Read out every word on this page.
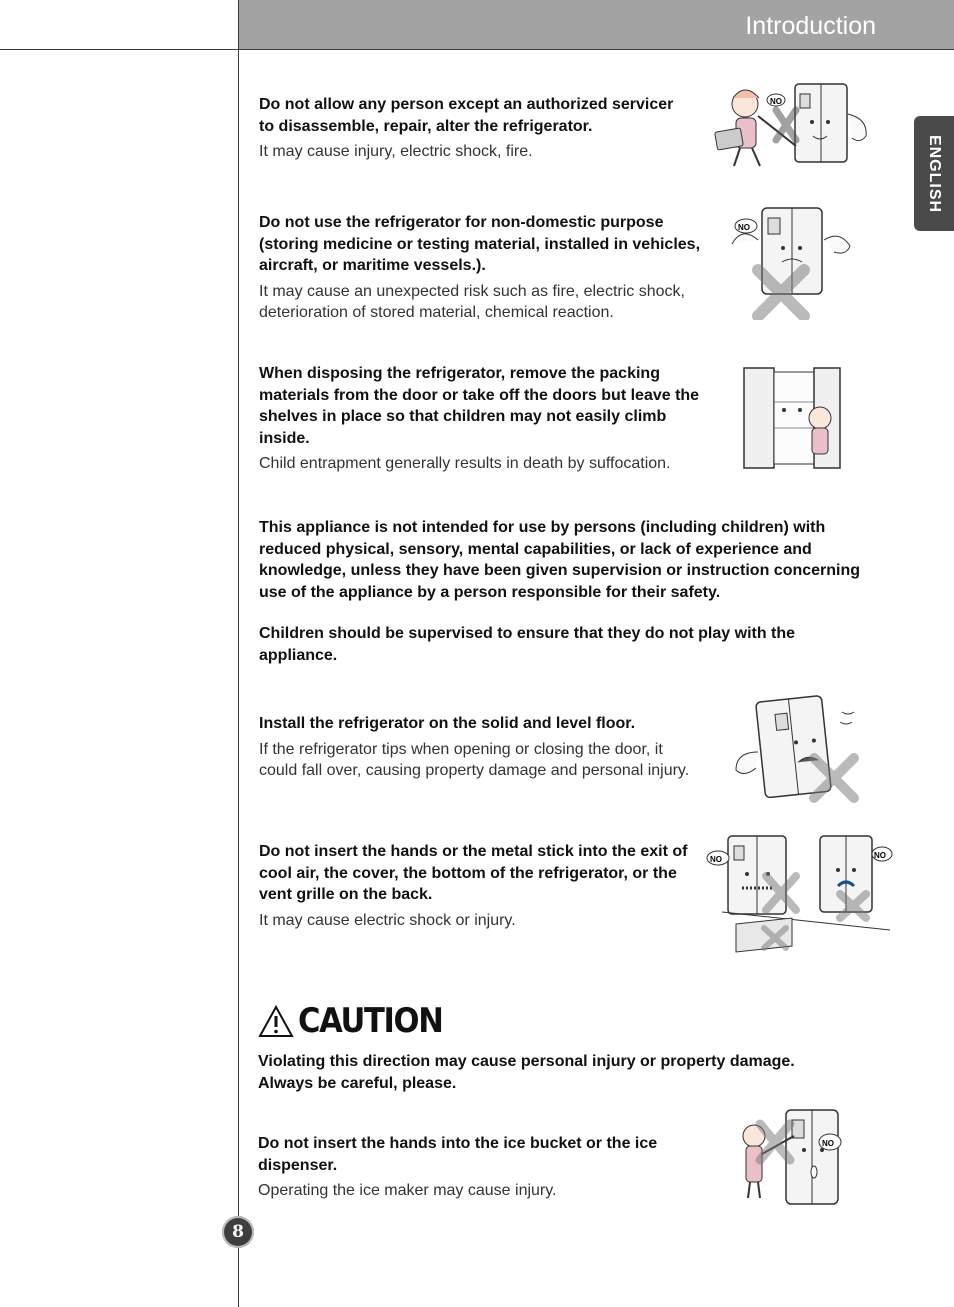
Introduction
ENGLISH
Do not allow any person except an authorized servicer to disassemble, repair, alter the refrigerator.
It may cause injury, electric shock, fire.
NO
Do not use the refrigerator for non-domestic purpose (storing medicine or testing material, installed in vehicles, aircraft, or maritime vessels.).
It may cause an unexpected risk such as fire, electric shock, deterioration of stored material, chemical reaction.
NO
When disposing the refrigerator, remove the packing materials from the door or take off the doors but leave the shelves in place so that children may not easily climb inside.
Child entrapment generally results in death by suffocation.
This appliance is not intended for use by persons (including children) with reduced physical, sensory, mental capabilities, or lack of experience and knowledge, unless they have been given supervision or instruction concerning use of the appliance by a person responsible for their safety.
Children should be supervised to ensure that they do not play with the appliance.
Install the refrigerator on the solid and level floor.
If the refrigerator tips when opening or closing the door, it could fall over, causing property damage and personal injury.
Do not insert the hands or the metal stick into the exit of cool air, the cover, the bottom of the refrigerator, or the vent grille on the back.
It may cause electric shock or injury.
NO	NO
CAUTION
Violating this direction may cause personal injury or property damage. Always be careful, please.
Do not insert the hands into the ice bucket or the ice dispenser.
Operating the ice maker may cause injury.
NO
8
